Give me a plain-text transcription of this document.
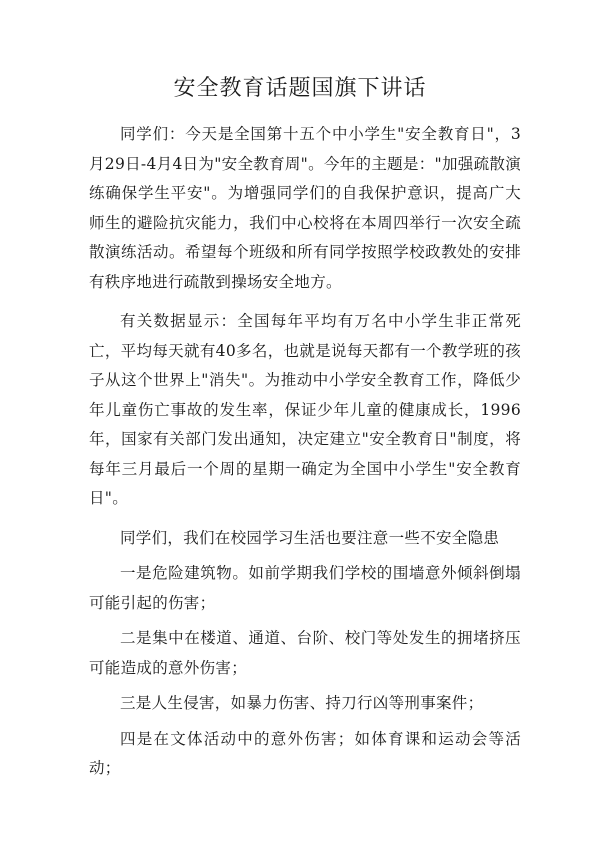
安全教育话题国旗下讲话

同学们：今天是全国第十五个中小学生"安全教育日"，3月29日-4月4日为"安全教育周"。今年的主题是："加强疏散演练确保学生平安"。为增强同学们的自我保护意识，提高广大师生的避险抗灾能力，我们中心校将在本周四举行一次安全疏散演练活动。希望每个班级和所有同学按照学校政教处的安排有秩序地进行疏散到操场安全地方。

有关数据显示：全国每年平均有万名中小学生非正常死亡，平均每天就有40多名，也就是说每天都有一个教学班的孩子从这个世界上"消失"。为推动中小学安全教育工作，降低少年儿童伤亡事故的发生率，保证少年儿童的健康成长，1996年，国家有关部门发出通知，决定建立"安全教育日"制度，将每年三月最后一个周的星期一确定为全国中小学生"安全教育日"。

同学们，我们在校园学习生活也要注意一些不安全隐患

一是危险建筑物。如前学期我们学校的围墙意外倾斜倒塌可能引起的伤害；

二是集中在楼道、通道、台阶、校门等处发生的拥堵挤压可能造成的意外伤害；

三是人生侵害，如暴力伤害、持刀行凶等刑事案件；

四是在文体活动中的意外伤害；如体育课和运动会等活动；
